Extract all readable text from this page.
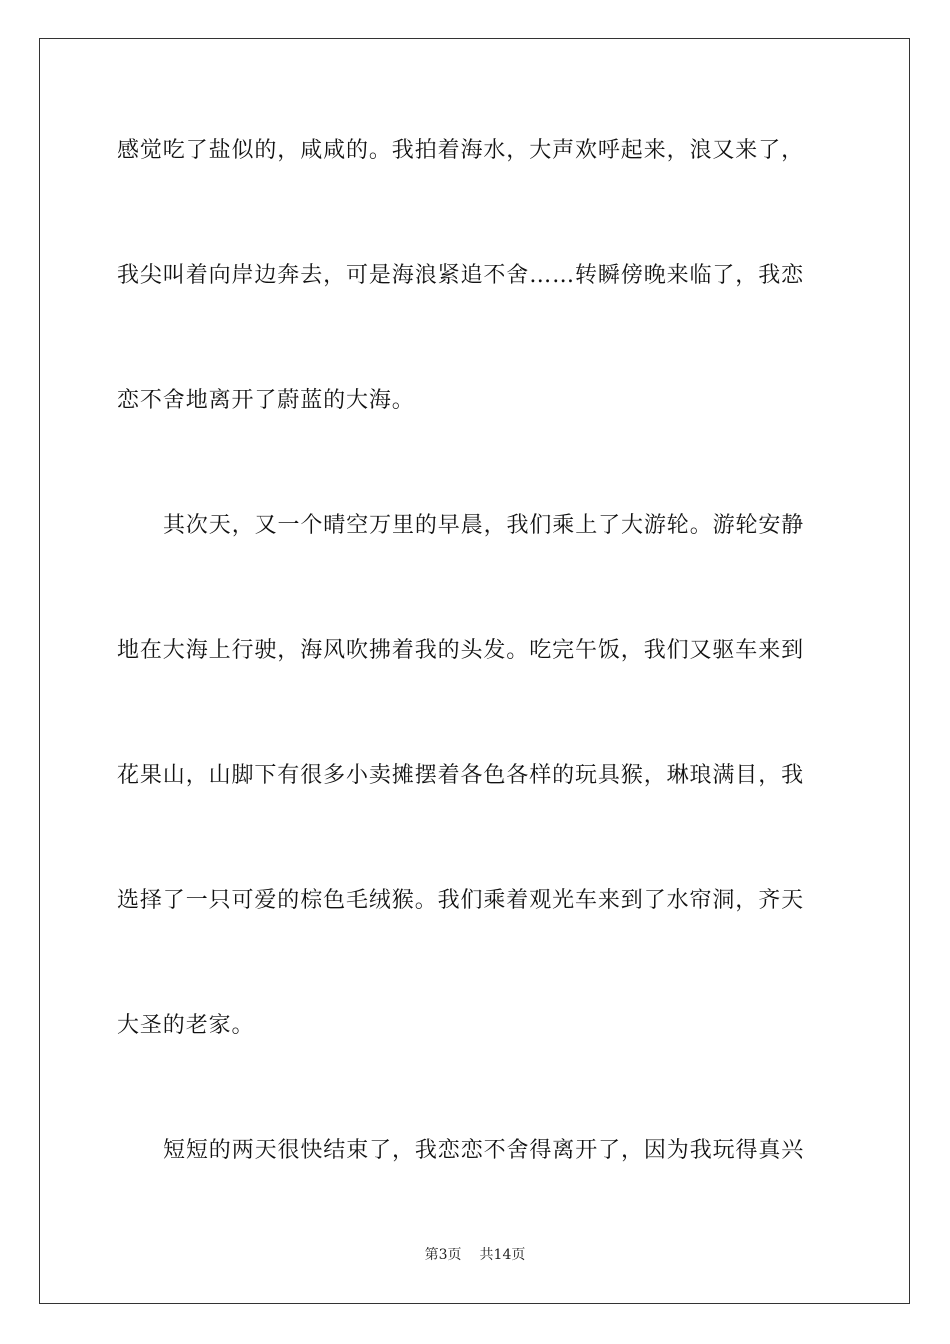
感觉吃了盐似的，咸咸的。我拍着海水，大声欢呼起来，浪又来了，
我尖叫着向岸边奔去，可是海浪紧追不舍……转瞬傍晚来临了，我恋
恋不舍地离开了蔚蓝的大海。
其次天，又一个晴空万里的早晨，我们乘上了大游轮。游轮安静
地在大海上行驶，海风吹拂着我的头发。吃完午饭，我们又驱车来到
花果山，山脚下有很多小卖摊摆着各色各样的玩具猴，琳琅满目，我
选择了一只可爱的棕色毛绒猴。我们乘着观光车来到了水帘洞，齐天
大圣的老家。
短短的两天很快结束了，我恋恋不舍得离开了，因为我玩得真兴
第3页 共14页
